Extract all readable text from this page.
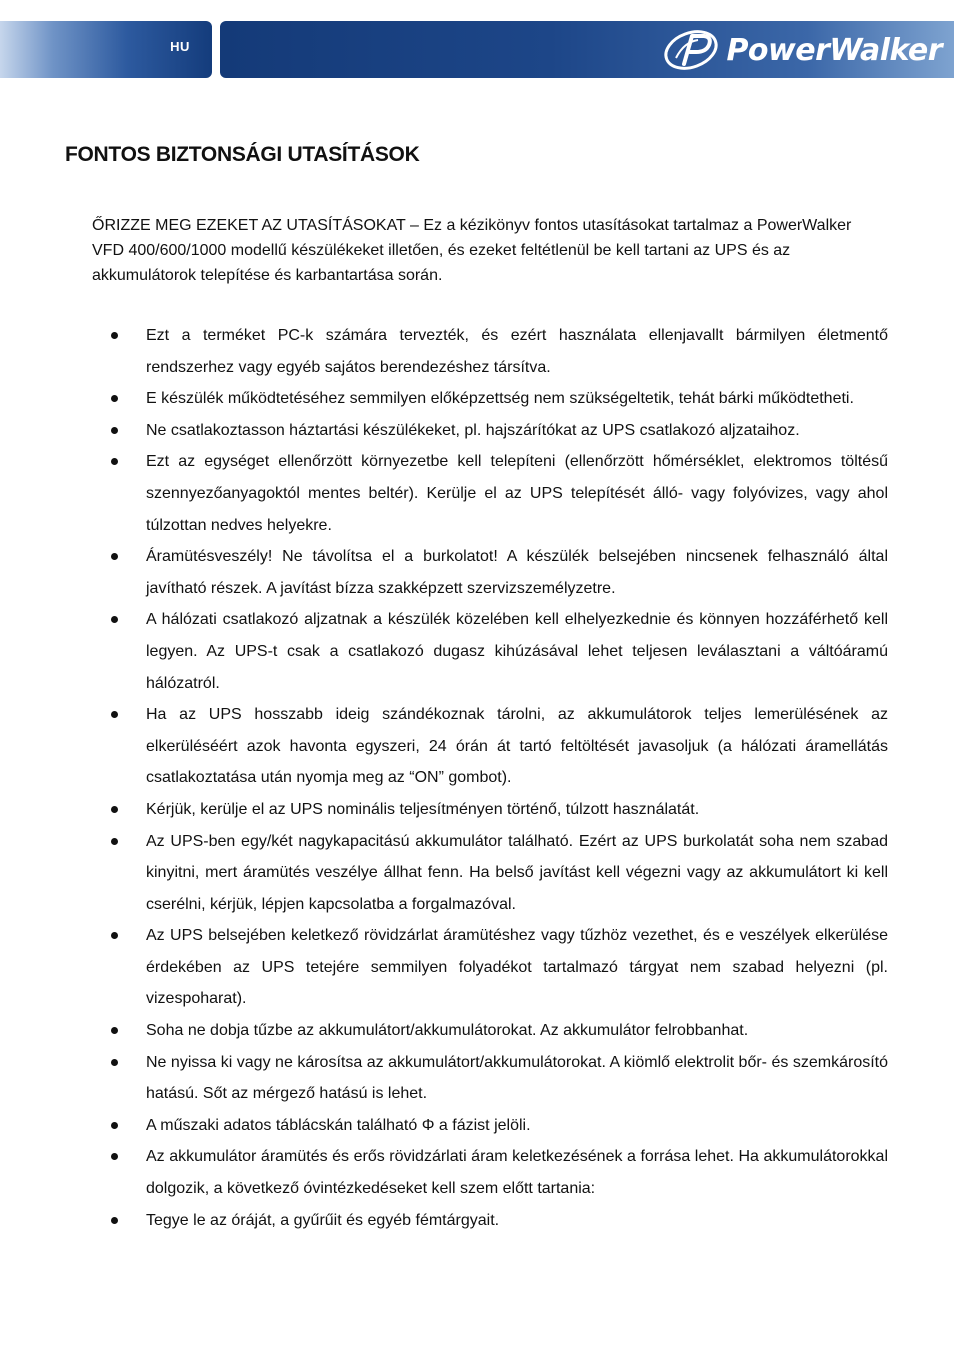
HU	PowerWalker
FONTOS BIZTONSÁGI UTASÍTÁSOK

ŐRIZZE MEG EZEKET AZ UTASÍTÁSOKAT – Ez a kézikönyv fontos utasításokat tartalmaz a PowerWalker VFD 400/600/1000 modellű készülékeket illetően, és ezeket feltétlenül be kell tartani az UPS és az akkumulátorok telepítése és karbantartása során.

Ezt a terméket PC-k számára tervezték, és ezért használata ellenjavallt bármilyen életmentő rendszerhez vagy egyéb sajátos berendezéshez társítva.
E készülék működtetéséhez semmilyen előképzettség nem szükségeltetik, tehát bárki működtetheti.
Ne csatlakoztasson háztartási készülékeket, pl. hajszárítókat az UPS csatlakozó aljzataihoz.
Ezt az egységet ellenőrzött környezetbe kell telepíteni (ellenőrzött hőmérséklet, elektromos töltésű szennyezőanyagoktól mentes beltér). Kerülje el az UPS telepítését álló- vagy folyóvizes, vagy ahol túlzottan nedves helyekre.
Áramütésveszély! Ne távolítsa el a burkolatot! A készülék belsejében nincsenek felhasználó által javítható részek. A javítást bízza szakképzett szervizszemélyzetre.
A hálózati csatlakozó aljzatnak a készülék közelében kell elhelyezkednie és könnyen hozzáférhető kell legyen. Az UPS-t csak a csatlakozó dugasz kihúzásával lehet teljesen leválasztani a váltóáramú hálózatról.
Ha az UPS hosszabb ideig szándékoznak tárolni, az akkumulátorok teljes lemerülésének az elkerüléséért azok havonta egyszeri, 24 órán át tartó feltöltését javasoljuk (a hálózati áramellátás csatlakoztatása után nyomja meg az “ON” gombot).
Kérjük, kerülje el az UPS nominális teljesítményen történő, túlzott használatát.
Az UPS-ben egy/két nagykapacitású akkumulátor található. Ezért az UPS burkolatát soha nem szabad kinyitni, mert áramütés veszélye állhat fenn. Ha belső javítást kell végezni vagy az akkumulátort ki kell cserélni, kérjük, lépjen kapcsolatba a forgalmazóval.
Az UPS belsejében keletkező rövidzárlat áramütéshez vagy tűzhöz vezethet, és e veszélyek elkerülése érdekében az UPS tetejére semmilyen folyadékot tartalmazó tárgyat nem szabad helyezni (pl. vizespoharat).
Soha ne dobja tűzbe az akkumulátort/akkumulátorokat. Az akkumulátor felrobbanhat.
Ne nyissa ki vagy ne károsítsa az akkumulátort/akkumulátorokat. A kiömlő elektrolit bőr- és szemkárosító hatású. Sőt az mérgező hatású is lehet.
A műszaki adatos táblácskán található Φ a fázist jelöli.
Az akkumulátor áramütés és erős rövidzárlati áram keletkezésének a forrása lehet. Ha akkumulátorokkal dolgozik, a következő óvintézkedéseket kell szem előtt tartania:
Tegye le az óráját, a gyűrűit és egyéb fémtárgyait.
